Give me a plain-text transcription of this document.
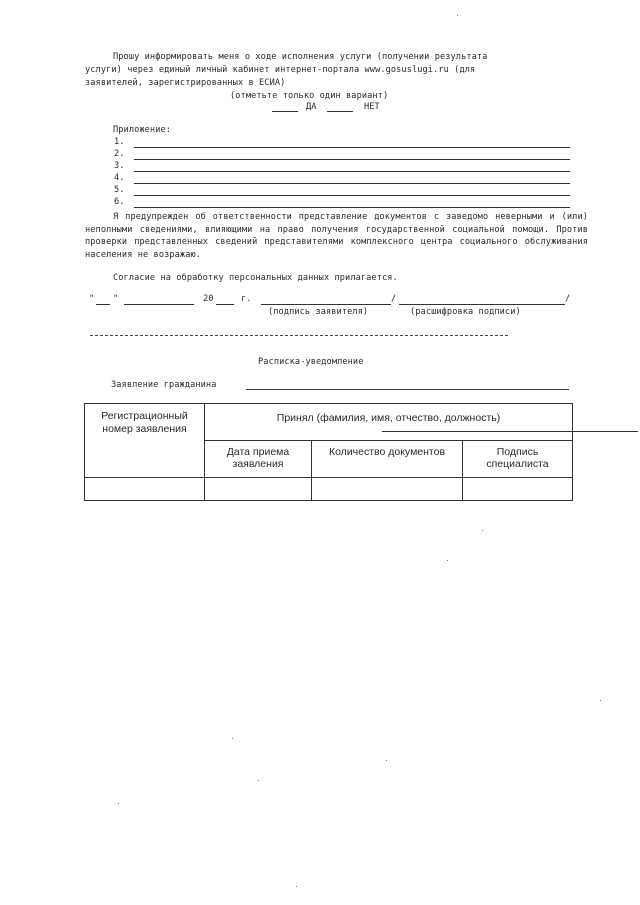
Прошу информировать меня о ходе исполнения услуги (получении результата
услуги) через единый личный кабинет интернет-портала www.gosuslugi.ru (для
заявителей, зарегистрированных в ЕСИА)
(отметьте только один вариант)
ДА	НЕТ
Приложение:
1.
2.
3.
4.
5.
6.
Я предупрежден об ответственности представление документов с заведомо неверными и (или) неполными сведениями, влияющими на право получения государственной социальной помощи. Против проверки представленных сведений представителями комплексного центра социального обслуживания населения не возражаю.
Согласие на обработку персональных данных прилагается.
" "	20	г.	/	/
(подпись заявителя)	(расшифровка подписи)
Расписка-уведомление
Заявление гражданина
Регистрационный номер заявления	Принял (фамилия, имя, отчество, должность)		

	Дата приема заявления	Количество документов	Подпись специалиста
